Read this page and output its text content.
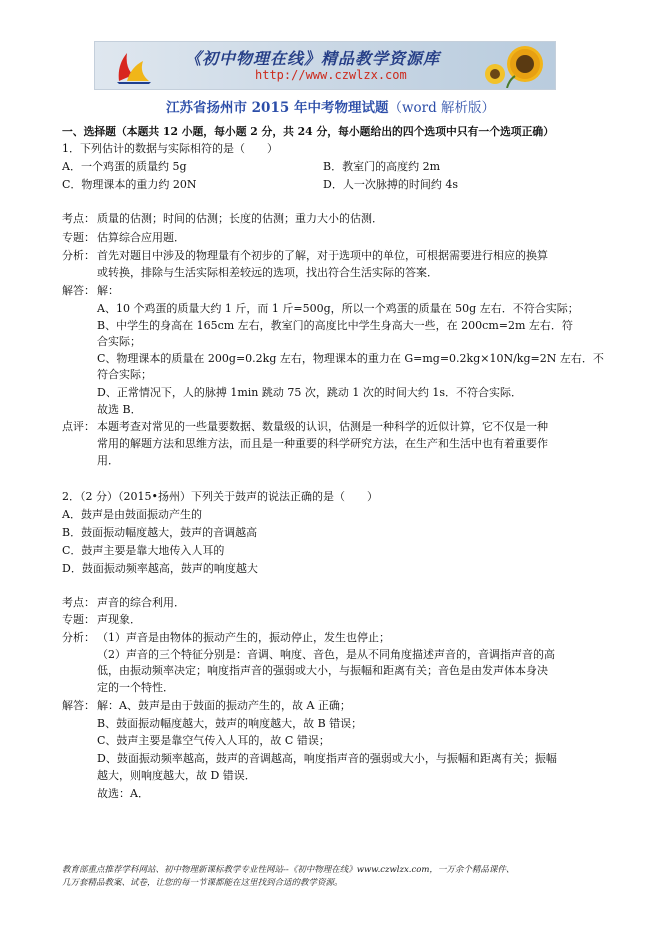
《初中物理在线》精品教学资源库
http://www.czwlzx.com
江苏省扬州市 2015 年中考物理试题（word 解析版）
一、选择题（本题共 12 小题，每小题 2 分，共 24 分，每小题给出的四个选项中只有一个选项正确）
1．下列估计的数据与实际相符的是（　　）
A．一个鸡蛋的质量约 5g	B．教室门的高度约 2m
C．物理课本的重力约 20N	D．人一次脉搏的时间约 4s
考点： 质量的估测；时间的估测；长度的估测；重力大小的估测．
专题： 估算综合应用题．
分析： 首先对题目中涉及的物理量有个初步的了解，对于选项中的单位，可根据需要进行相应的换算
或转换，排除与生活实际相差较远的选项，找出符合生活实际的答案．
解答： 解：
A、10 个鸡蛋的质量大约 1 斤，而 1 斤=500g，所以一个鸡蛋的质量在 50g 左右．不符合实际；
B、中学生的身高在 165cm 左右，教室门的高度比中学生身高大一些，在 200cm=2m 左右．符
合实际；
C、物理课本的质量在 200g=0.2kg 左右，物理课本的重力在 G=mg=0.2kg×10N/kg=2N 左右．不
符合实际；
D、正常情况下，人的脉搏 1min 跳动 75 次，跳动 1 次的时间大约 1s．不符合实际．
故选 B．
点评： 本题考查对常见的一些量要数据、数量级的认识，估测是一种科学的近似计算，它不仅是一种
常用的解题方法和思维方法，而且是一种重要的科学研究方法，在生产和生活中也有着重要作
用．
2．（2 分）（2015•扬州）下列关于鼓声的说法正确的是（　　）
A．鼓声是由鼓面振动产生的
B．鼓面振动幅度越大，鼓声的音调越高
C．鼓声主要是靠大地传入人耳的
D．鼓面振动频率越高，鼓声的响度越大
考点： 声音的综合利用．
专题： 声现象．
分析： （1）声音是由物体的振动产生的，振动停止，发生也停止；
（2）声音的三个特征分别是：音调、响度、音色，是从不同角度描述声音的，音调指声音的高
低，由振动频率决定；响度指声音的强弱或大小，与振幅和距离有关；音色是由发声体本身决
定的一个特性．
解答： 解：A、鼓声是由于鼓面的振动产生的，故 A 正确；
B、鼓面振动幅度越大，鼓声的响度越大，故 B 错误；
C、鼓声主要是靠空气传入人耳的，故 C 错误；
D、鼓面振动频率越高，鼓声的音调越高，响度指声音的强弱或大小，与振幅和距离有关；振幅
越大，则响度越大，故 D 错误．
故选：A．
教育部重点推荐学科网站、初中物理新课标教学专业性网站--《初中物理在线》www.czwlzx.com，一万余个精品课件、
几万套精品教案、试卷，让您的每一节课都能在这里找到合适的教学资源。
